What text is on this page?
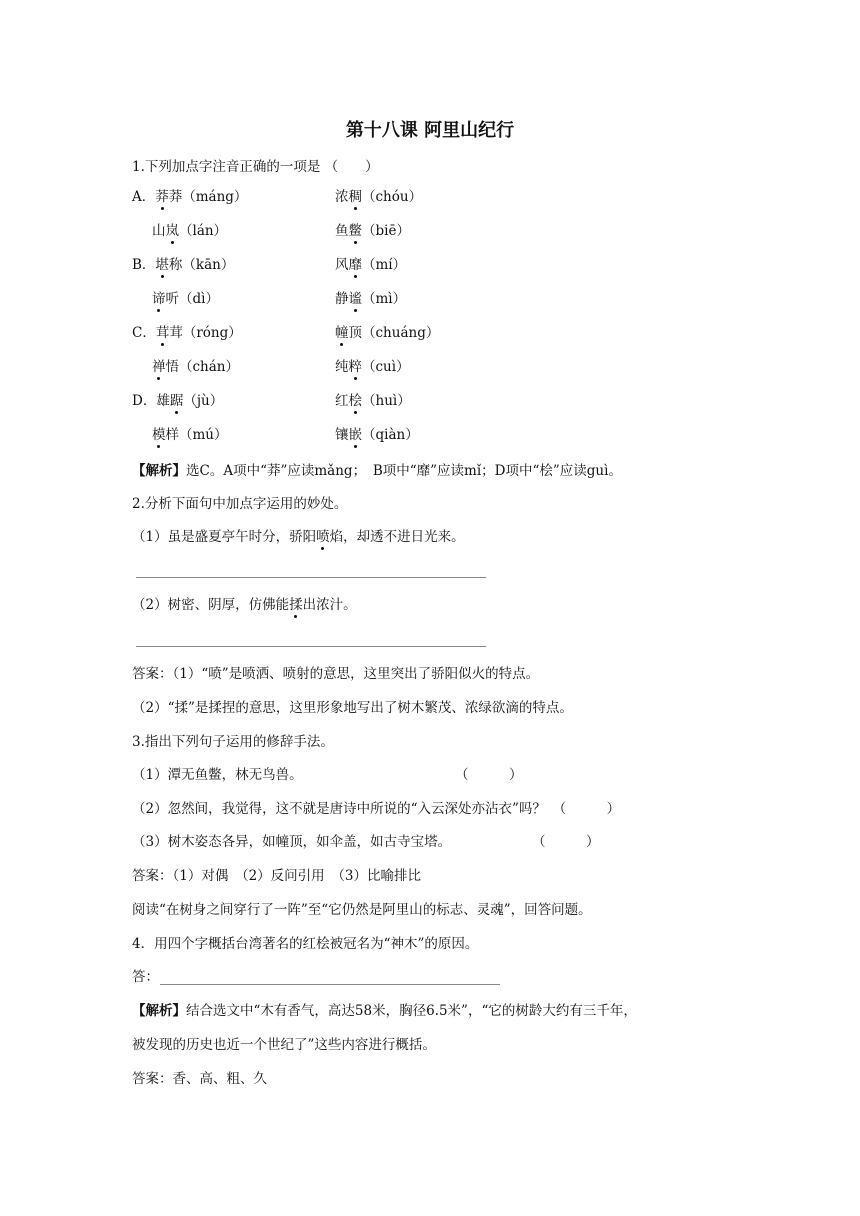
第十八课 阿里山纪行
1.下列加点字注音正确的一项是 （　　）
A．莽莽（máng）	浓稠（chóu）
山岚（lán）	鱼鳖（biē）
B．堪称（kān）	风靡（mí）
谛听（dì）	静谧（mì）
C．茸茸（róng）	幢顶（chuáng）
禅悟（chán）	纯粹（cuì）
D．雄踞（jù）	红桧（huì）
模样（mú）	镶嵌（qiàn）
【解析】选C。A项中“莽”应读mǎng；　B项中“靡”应读mǐ；D项中“桧”应读guì。
2.分析下面句中加点字运用的妙处。
（1）虽是盛夏亭午时分，骄阳喷焰，却透不进日光来。
（2）树密、阴厚，仿佛能揉出浓汁。
答案：（1）“喷”是喷洒、喷射的意思，这里突出了骄阳似火的特点。
（2）“揉”是揉捏的意思，这里形象地写出了树木繁茂、浓绿欲滴的特点。
3.指出下列句子运用的修辞手法。
（1）潭无鱼鳖，林无鸟兽。	（　　　）
（2）忽然间，我觉得，这不就是唐诗中所说的“入云深处亦沾衣”吗？　（　　　）
（3）树木姿态各异，如幢顶，如伞盖，如古寺宝塔。	（　　　）
答案：（1）对偶　（2）反问引用　（3）比喻排比
阅读“在树身之间穿行了一阵”至“它仍然是阿里山的标志、灵魂”，回答问题。
4．用四个字概括台湾著名的红桧被冠名为“神木”的原因。
答：
【解析】结合选文中“木有香气，高达58米，胸径6.5米”，“它的树龄大约有三千年，
被发现的历史也近一个世纪了”这些内容进行概括。
答案：香、高、粗、久
